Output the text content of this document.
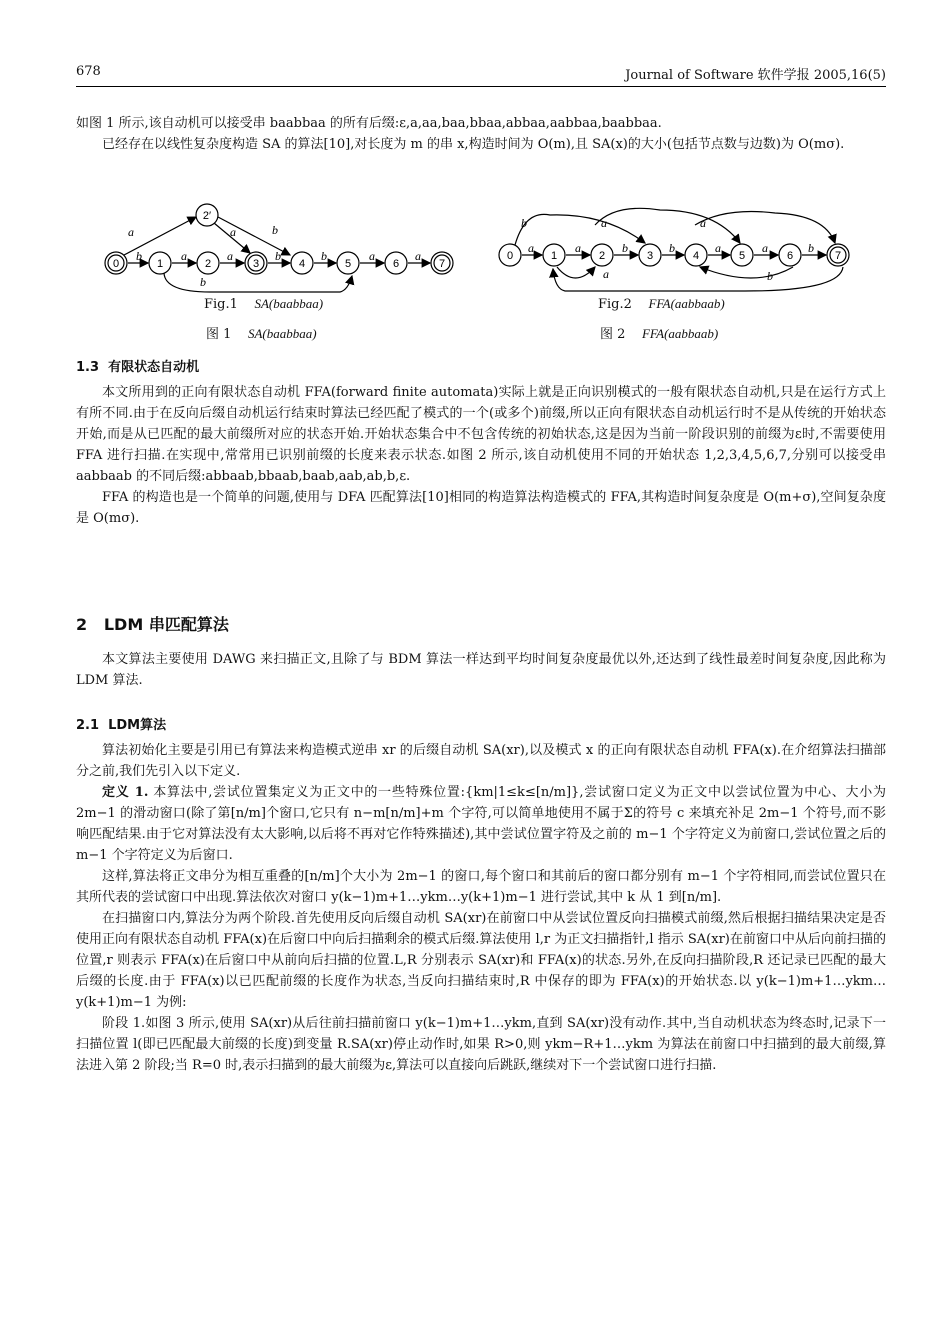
678	Journal of Software 软件学报 2005,16(5)

如图 1 所示,该自动机可以接受串 baabbaa 的所有后缀:ε,a,aa,baa,bbaa,abbaa,aabbaa,baabbaa.

已经存在以线性复杂度构造 SA 的算法[10],对长度为 m 的串 x,构造时间为 O(m),且 SA(x)的大小(包括节点数与边数)为 O(mσ).

a
b	a	a	b	b	a	a
a	b
b
0	1	2	3	4	5	6	7
2′	b	a	a
a	a	b	b	a	a	b
a	b
0	1	2	3	4	5	6	7
Fig.1 SA(baabbaa)
图 1 SA(baabbaa)
Fig.2 FFA(aabbaab)
图 2 FFA(aabbaab)
1.3 有限状态自动机

本文所用到的正向有限状态自动机 FFA(forward finite automata)实际上就是正向识别模式的一般有限状态自动机,只是在运行方式上有所不同.由于在反向后缀自动机运行结束时算法已经匹配了模式的一个(或多个)前缀,所以正向有限状态自动机运行时不是从传统的开始状态开始,而是从已匹配的最大前缀所对应的状态开始.开始状态集合中不包含传统的初始状态,这是因为当前一阶段识别的前缀为ε时,不需要使用 FFA 进行扫描.在实现中,常常用已识别前缀的长度来表示状态.如图 2 所示,该自动机使用不同的开始状态 1,2,3,4,5,6,7,分别可以接受串 aabbaab 的不同后缀:abbaab,bbaab,baab,aab,ab,b,ε.

FFA 的构造也是一个简单的问题,使用与 DFA 匹配算法[10]相同的构造算法构造模式的 FFA,其构造时间复杂度是 O(m+σ),空间复杂度是 O(mσ).

2 LDM 串匹配算法

本文算法主要使用 DAWG 来扫描正文,且除了与 BDM 算法一样达到平均时间复杂度最优以外,还达到了线性最差时间复杂度,因此称为 LDM 算法.

2.1 LDM算法

算法初始化主要是引用已有算法来构造模式逆串 xr 的后缀自动机 SA(xr),以及模式 x 的正向有限状态自动机 FFA(x).在介绍算法扫描部分之前,我们先引入以下定义.

定义 1. 本算法中,尝试位置集定义为正文中的一些特殊位置:{km|1≤k≤[n/m]},尝试窗口定义为正文中以尝试位置为中心、大小为 2m−1 的滑动窗口(除了第[n/m]个窗口,它只有 n−m[n/m]+m 个字符,可以简单地使用不属于Σ的符号 c 来填充补足 2m−1 个符号,而不影响匹配结果.由于它对算法没有太大影响,以后将不再对它作特殊描述),其中尝试位置字符及之前的 m−1 个字符定义为前窗口,尝试位置之后的 m−1 个字符定义为后窗口.

这样,算法将正文串分为相互重叠的[n/m]个大小为 2m−1 的窗口,每个窗口和其前后的窗口都分别有 m−1 个字符相同,而尝试位置只在其所代表的尝试窗口中出现.算法依次对窗口 y(k−1)m+1…ykm…y(k+1)m−1 进行尝试,其中 k 从 1 到[n/m].

在扫描窗口内,算法分为两个阶段.首先使用反向后缀自动机 SA(xr)在前窗口中从尝试位置反向扫描模式前缀,然后根据扫描结果决定是否使用正向有限状态自动机 FFA(x)在后窗口中向后扫描剩余的模式后缀.算法使用 l,r 为正文扫描指针,l 指示 SA(xr)在前窗口中从后向前扫描的位置,r 则表示 FFA(x)在后窗口中从前向后扫描的位置.L,R 分别表示 SA(xr)和 FFA(x)的状态.另外,在反向扫描阶段,R 还记录已匹配的最大后缀的长度.由于 FFA(x)以已匹配前缀的长度作为状态,当反向扫描结束时,R 中保存的即为 FFA(x)的开始状态.以 y(k−1)m+1…ykm…y(k+1)m−1 为例:

阶段 1.如图 3 所示,使用 SA(xr)从后往前扫描前窗口 y(k−1)m+1…ykm,直到 SA(xr)没有动作.其中,当自动机状态为终态时,记录下一扫描位置 l(即已匹配最大前缀的长度)到变量 R.SA(xr)停止动作时,如果 R>0,则 ykm−R+1…ykm 为算法在前窗口中扫描到的最大前缀,算法进入第 2 阶段;当 R=0 时,表示扫描到的最大前缀为ε,算法可以直接向后跳跃,继续对下一个尝试窗口进行扫描.
